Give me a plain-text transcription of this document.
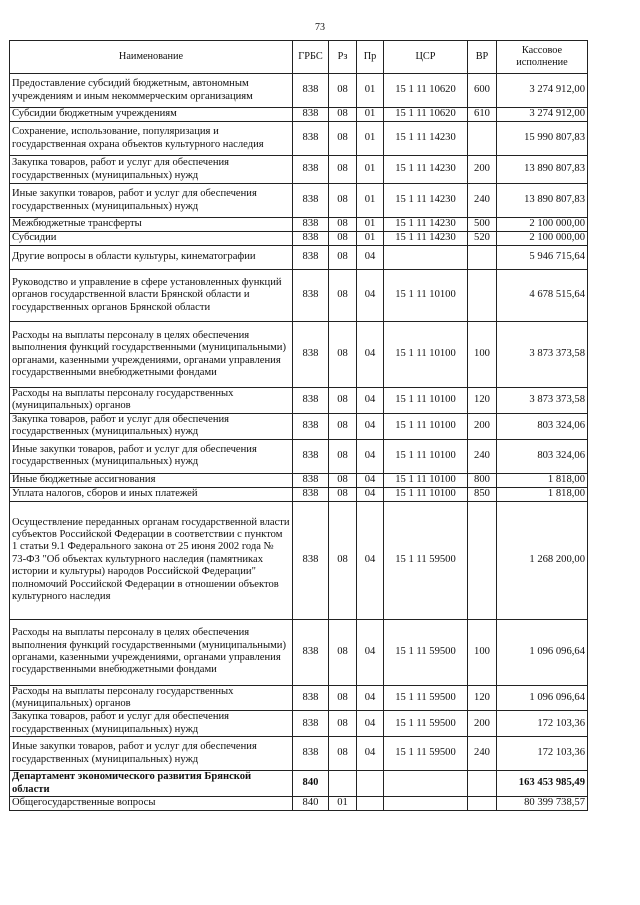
73
Наименование	ГРБС	Рз	Пр	ЦСР	ВР	Кассовое исполнение
Предоставление субсидий бюджетным, автономным учреждениям и иным некоммерческим организациям	838	08	01	15 1 11 10620	600	3 274 912,00
Субсидии бюджетным учреждениям	838	08	01	15 1 11 10620	610	3 274 912,00
Сохранение, использование, популяризация и государственная охрана объектов культурного наследия	838	08	01	15 1 11 14230		15 990 807,83
Закупка товаров, работ и услуг для обеспечения государственных (муниципальных) нужд	838	08	01	15 1 11 14230	200	13 890 807,83
Иные закупки товаров, работ и услуг для обеспечения государственных (муниципальных) нужд	838	08	01	15 1 11 14230	240	13 890 807,83
Межбюджетные трансферты	838	08	01	15 1 11 14230	500	2 100 000,00
Субсидии	838	08	01	15 1 11 14230	520	2 100 000,00
Другие вопросы в области культуры, кинематографии	838	08	04			5 946 715,64
Руководство и управление в сфере установленных функций органов государственной власти Брянской области и государственных органов Брянской области	838	08	04	15 1 11 10100		4 678 515,64
Расходы на выплаты персоналу в целях обеспечения выполнения функций государственными (муниципальными) органами, казенными учреждениями, органами управления государственными внебюджетными фондами	838	08	04	15 1 11 10100	100	3 873 373,58
Расходы на выплаты персоналу государственных (муниципальных) органов	838	08	04	15 1 11 10100	120	3 873 373,58
Закупка товаров, работ и услуг для обеспечения государственных (муниципальных) нужд	838	08	04	15 1 11 10100	200	803 324,06
Иные закупки товаров, работ и услуг для обеспечения государственных (муниципальных) нужд	838	08	04	15 1 11 10100	240	803 324,06
Иные бюджетные ассигнования	838	08	04	15 1 11 10100	800	1 818,00
Уплата налогов, сборов и иных платежей	838	08	04	15 1 11 10100	850	1 818,00
Осуществление переданных органам государственной власти субъектов Российской Федерации в соответствии с пунктом 1 статьи 9.1 Федерального закона от 25 июня 2002 года № 73-ФЗ "Об объектах культурного наследия (памятниках истории и культуры) народов Российской Федерации" полномочий Российской Федерации в отношении объектов культурного наследия	838	08	04	15 1 11 59500		1 268 200,00
Расходы на выплаты персоналу в целях обеспечения выполнения функций государственными (муниципальными) органами, казенными учреждениями, органами управления государственными внебюджетными фондами	838	08	04	15 1 11 59500	100	1 096 096,64
Расходы на выплаты персоналу государственных (муниципальных) органов	838	08	04	15 1 11 59500	120	1 096 096,64
Закупка товаров, работ и услуг для обеспечения государственных (муниципальных) нужд	838	08	04	15 1 11 59500	200	172 103,36
Иные закупки товаров, работ и услуг для обеспечения государственных (муниципальных) нужд	838	08	04	15 1 11 59500	240	172 103,36
Департамент экономического развития Брянской области	840					163 453 985,49
Общегосударственные вопросы	840	01				80 399 738,57
